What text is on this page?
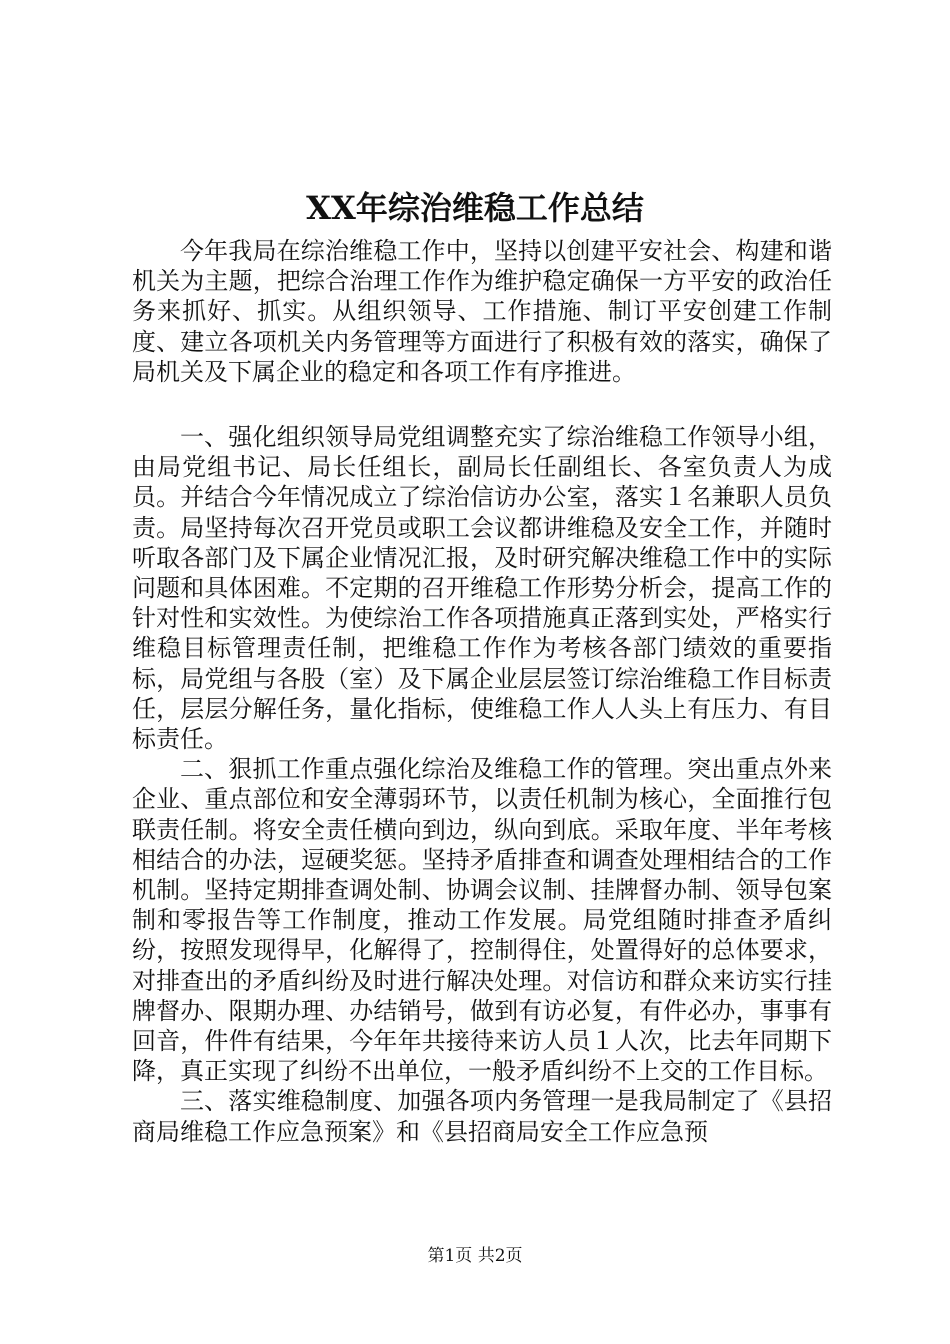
XX年综治维稳工作总结

今年我局在综治维稳工作中，坚持以创建平安社会、构建和谐机关为主题，把综合治理工作作为维护稳定确保一方平安的政治任务来抓好、抓实。从组织领导、工作措施、制订平安创建工作制度、建立各项机关内务管理等方面进行了积极有效的落实，确保了局机关及下属企业的稳定和各项工作有序推进。

一、强化组织领导局党组调整充实了综治维稳工作领导小组，由局党组书记、局长任组长，副局长任副组长、各室负责人为成员。并结合今年情况成立了综治信访办公室，落实１名兼职人员负责。局坚持每次召开党员或职工会议都讲维稳及安全工作，并随时听取各部门及下属企业情况汇报，及时研究解决维稳工作中的实际问题和具体困难。不定期的召开维稳工作形势分析会，提高工作的针对性和实效性。为使综治工作各项措施真正落到实处，严格实行维稳目标管理责任制，把维稳工作作为考核各部门绩效的重要指标，局党组与各股（室）及下属企业层层签订综治维稳工作目标责任，层层分解任务，量化指标，使维稳工作人人头上有压力、有目标责任。

二、狠抓工作重点强化综治及维稳工作的管理。突出重点外来企业、重点部位和安全薄弱环节，以责任机制为核心，全面推行包联责任制。将安全责任横向到边，纵向到底。采取年度、半年考核相结合的办法，逗硬奖惩。坚持矛盾排查和调查处理相结合的工作机制。坚持定期排查调处制、协调会议制、挂牌督办制、领导包案制和零报告等工作制度，推动工作发展。局党组随时排查矛盾纠纷，按照发现得早，化解得了，控制得住，处置得好的总体要求，对排查出的矛盾纠纷及时进行解决处理。对信访和群众来访实行挂牌督办、限期办理、办结销号，做到有访必复，有件必办，事事有回音，件件有结果，今年年共接待来访人员１人次，比去年同期下降，真正实现了纠纷不出单位，一般矛盾纠纷不上交的工作目标。

三、落实维稳制度、加强各项内务管理一是我局制定了《县招商局维稳工作应急预案》和《县招商局安全工作应急预

第1页 共2页
